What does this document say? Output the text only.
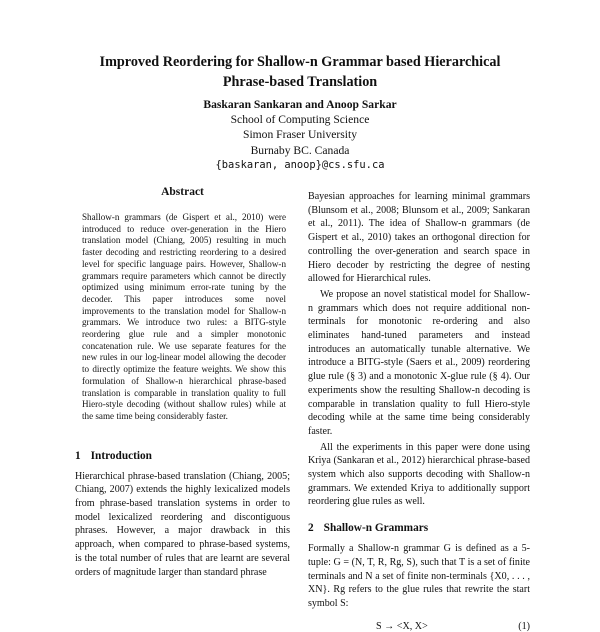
Improved Reordering for Shallow-n Grammar based Hierarchical
Phrase-based Translation
Baskaran Sankaran and Anoop Sarkar
School of Computing Science
Simon Fraser University
Burnaby BC. Canada
{baskaran, anoop}@cs.sfu.ca
Abstract

Shallow-n grammars (de Gispert et al., 2010) were introduced to reduce over-generation in the Hiero translation model (Chiang, 2005) resulting in much faster decoding and restricting reordering to a desired level for specific language pairs. However, Shallow-n grammars require parameters which cannot be directly optimized using minimum error-rate tuning by the decoder. This paper introduces some novel improvements to the translation model for Shallow-n grammars. We introduce two rules: a BITG-style reordering glue rule and a simpler monotonic concatenation rule. We use separate features for the new rules in our log-linear model allowing the decoder to directly optimize the feature weights. We show this formulation of Shallow-n hierarchical phrase-based translation is comparable in translation quality to full Hiero-style decoding (without shallow rules) while at the same time being considerably faster.

1 Introduction

Hierarchical phrase-based translation (Chiang, 2005; Chiang, 2007) extends the highly lexicalized models from phrase-based translation systems in order to model lexicalized reordering and discontiguous phrases. However, a major drawback in this approach, when compared to phrase-based systems, is the total number of rules that are learnt are several orders of magnitude larger than standard phrase

Bayesian approaches for learning minimal grammars (Blunsom et al., 2008; Blunsom et al., 2009; Sankaran et al., 2011). The idea of Shallow-n grammars (de Gispert et al., 2010) takes an orthogonal direction for controlling the over-generation and search space in Hiero decoder by restricting the degree of nesting allowed for Hierarchical rules.

We propose an novel statistical model for Shallow-n grammars which does not require additional non-terminals for monotonic re-ordering and also eliminates hand-tuned parameters and instead introduces an automatically tunable alternative. We introduce a BITG-style (Saers et al., 2009) reordering glue rule (§ 3) and a monotonic X-glue rule (§ 4). Our experiments show the resulting Shallow-n decoding is comparable in translation quality to full Hiero-style decoding while at the same time being considerably faster.

All the experiments in this paper were done using Kriya (Sankaran et al., 2012) hierarchical phrase-based system which also supports decoding with Shallow-n grammars. We extended Kriya to additionally support reordering glue rules as well.

2 Shallow-n Grammars

Formally a Shallow-n grammar G is defined as a 5-tuple: G = (N, T, R, Rg, S), such that T is a set of finite terminals and N a set of finite non-terminals {X0, . . . , XN}. Rg refers to the glue rules that rewrite the start symbol S:

S → <X, X>	(1)
